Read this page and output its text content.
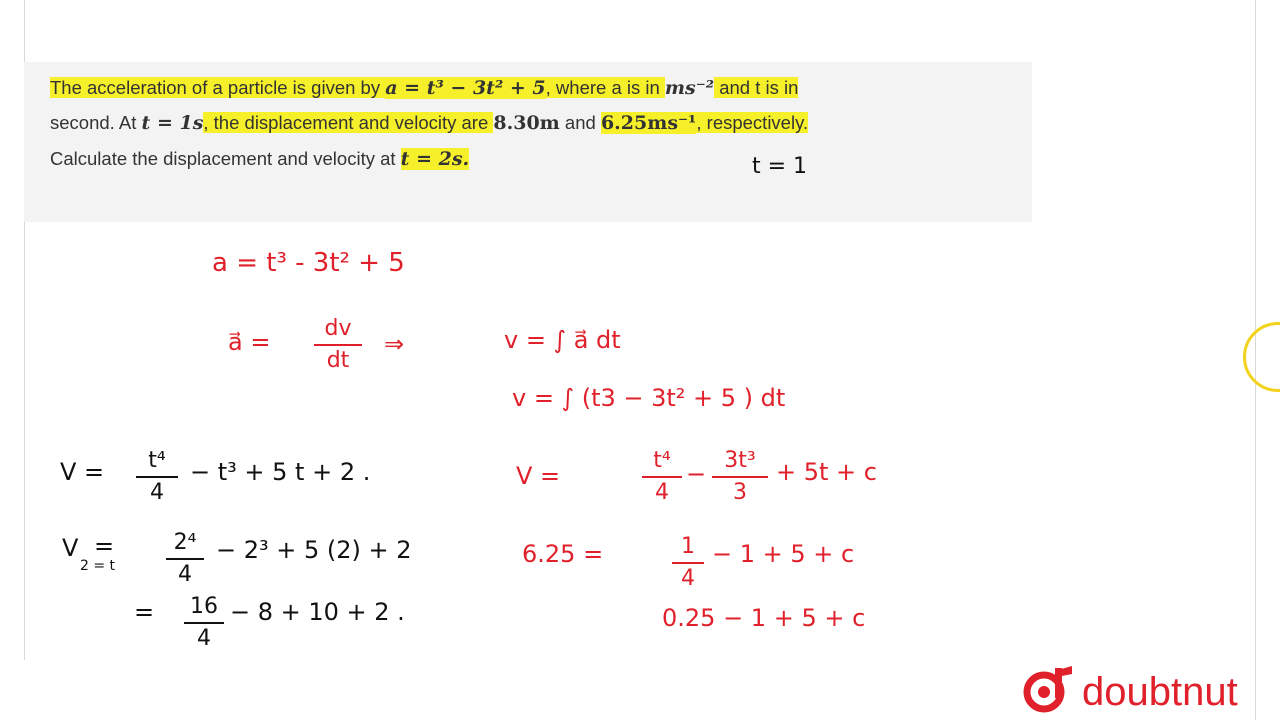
The acceleration of a particle is given by a = t³ − 3t² + 5, where a is in ms⁻² and t is in
second. At t = 1s, the displacement and velocity are 8.30m and 6.25ms⁻¹, respectively.
Calculate the displacement and velocity at t = 2s.	t = 1
a = t³ - 3t² + 5
a⃗ = $\frac{dv}{dt}$ ⇒	v = ∫ a⃗ dt
v = ∫ (t3 − 3t² + 5 ) dt
V =	$\frac{\text{t⁴}}{4} - \frac{\text{3t³}}{3} + 5t + c$
6.25 =	$\frac{1}{4} - 1 + 5 + c$
0.25 − 1 + 5 + c
$V = \frac{\text{t⁴}}{4} - t^3 + 5$ t + 2 .
V
2 = t
= $\frac{\text{2⁴}}{4} - 2^3 + 5$ (2) + 2
= $\frac{16}{4} - 8 + 10 + 2$ .
doubtnut
